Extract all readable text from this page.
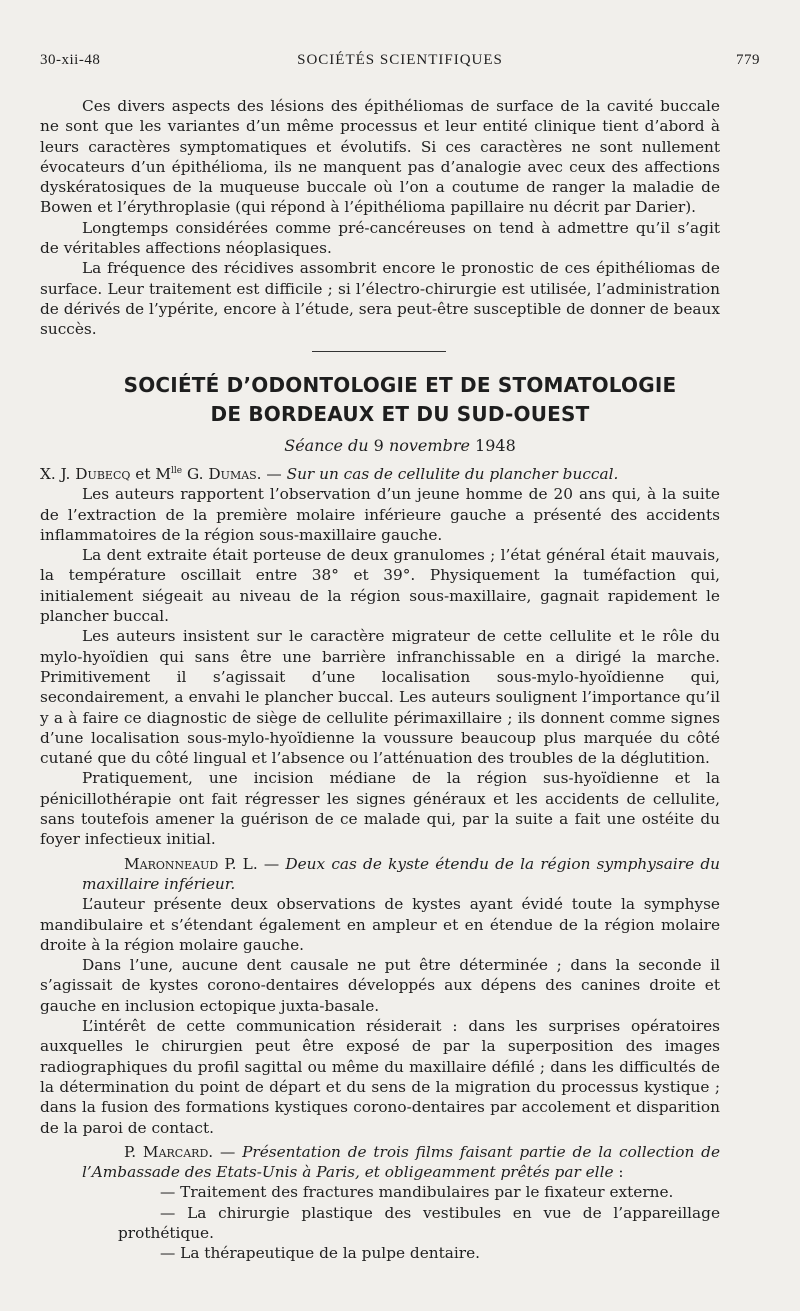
30-xii-48	SOCIÉTÉS SCIENTIFIQUES	779

Ces divers aspects des lésions des épithéliomas de surface de la cavité buccale ne sont que les variantes d’un même processus et leur entité clinique tient d’abord à leurs caractères symptomatiques et évolutifs. Si ces caractères ne sont nullement évocateurs d’un épithélioma, ils ne manquent pas d’analogie avec ceux des affections dyskératosiques de la muqueuse buccale où l’on a coutume de ranger la maladie de Bowen et l’érythroplasie (qui répond à l’épithélioma papillaire nu décrit par Darier).

Longtemps considérées comme pré-cancéreuses on tend à admettre qu’il s’agit de véritables affections néoplasiques.

La fréquence des récidives assombrit encore le pronostic de ces épithéliomas de surface. Leur traitement est difficile ; si l’électro-chirurgie est utilisée, l’administration de dérivés de l’ypérite, encore à l’étude, sera peut-être susceptible de donner de beaux succès.

SOCIÉTÉ D’ODONTOLOGIE ET DE STOMATOLOGIE
DE BORDEAUX ET DU SUD-OUEST
Séance du 9 novembre 1948

X. J. Dubecq et $M^{lle}$ G. Dumas. — Sur un cas de cellulite du plancher buccal.

Les auteurs rapportent l’observation d’un jeune homme de 20 ans qui, à la suite de l’extraction de la première molaire inférieure gauche a présenté des accidents inflammatoires de la région sous-maxillaire gauche.

La dent extraite était porteuse de deux granulomes ; l’état général était mauvais, la température oscillait entre 38° et 39°. Physiquement la tuméfaction qui, initialement siégeait au niveau de la région sous-maxillaire, gagnait rapidement le plancher buccal.

Les auteurs insistent sur le caractère migrateur de cette cellulite et le rôle du mylo-hyoïdien qui sans être une barrière infranchissable en a dirigé la marche. Primitivement il s’agissait d’une localisation sous-mylo-hyoïdienne qui, secondairement, a envahi le plancher buccal. Les auteurs soulignent l’importance qu’il y a à faire ce diagnostic de siège de cellulite périmaxillaire ; ils donnent comme signes d’une localisation sous-mylo-hyoïdienne la voussure beaucoup plus marquée du côté cutané que du côté lingual et l’absence ou l’atténuation des troubles de la déglutition.

Pratiquement, une incision médiane de la région sus-hyoïdienne et la pénicillothérapie ont fait régresser les signes généraux et les accidents de cellulite, sans toutefois amener la guérison de ce malade qui, par la suite a fait une ostéite du foyer infectieux initial.

Maronneaud P. L. — Deux cas de kyste étendu de la région symphysaire du maxillaire inférieur.

L’auteur présente deux observations de kystes ayant évidé toute la symphyse mandibulaire et s’étendant également en ampleur et en étendue de la région molaire droite à la région molaire gauche.

Dans l’une, aucune dent causale ne put être déterminée ; dans la seconde il s’agissait de kystes corono-dentaires développés aux dépens des canines droite et gauche en inclusion ectopique juxta-basale.

L’intérêt de cette communication résiderait : dans les surprises opératoires auxquelles le chirurgien peut être exposé de par la superposition des images radiographiques du profil sagittal ou même du maxillaire défilé ; dans les difficultés de la détermination du point de départ et du sens de la migration du processus kystique ; dans la fusion des formations kystiques corono-dentaires par accolement et disparition de la paroi de contact.

P. Marcard. — Présentation de trois films faisant partie de la collection de l’Ambassade des Etats-Unis à Paris, et obligeamment prêtés par elle :

— Traitement des fractures mandibulaires par le fixateur externe.

— La chirurgie plastique des vestibules en vue de l’appareillage prothétique.

— La thérapeutique de la pulpe dentaire.
